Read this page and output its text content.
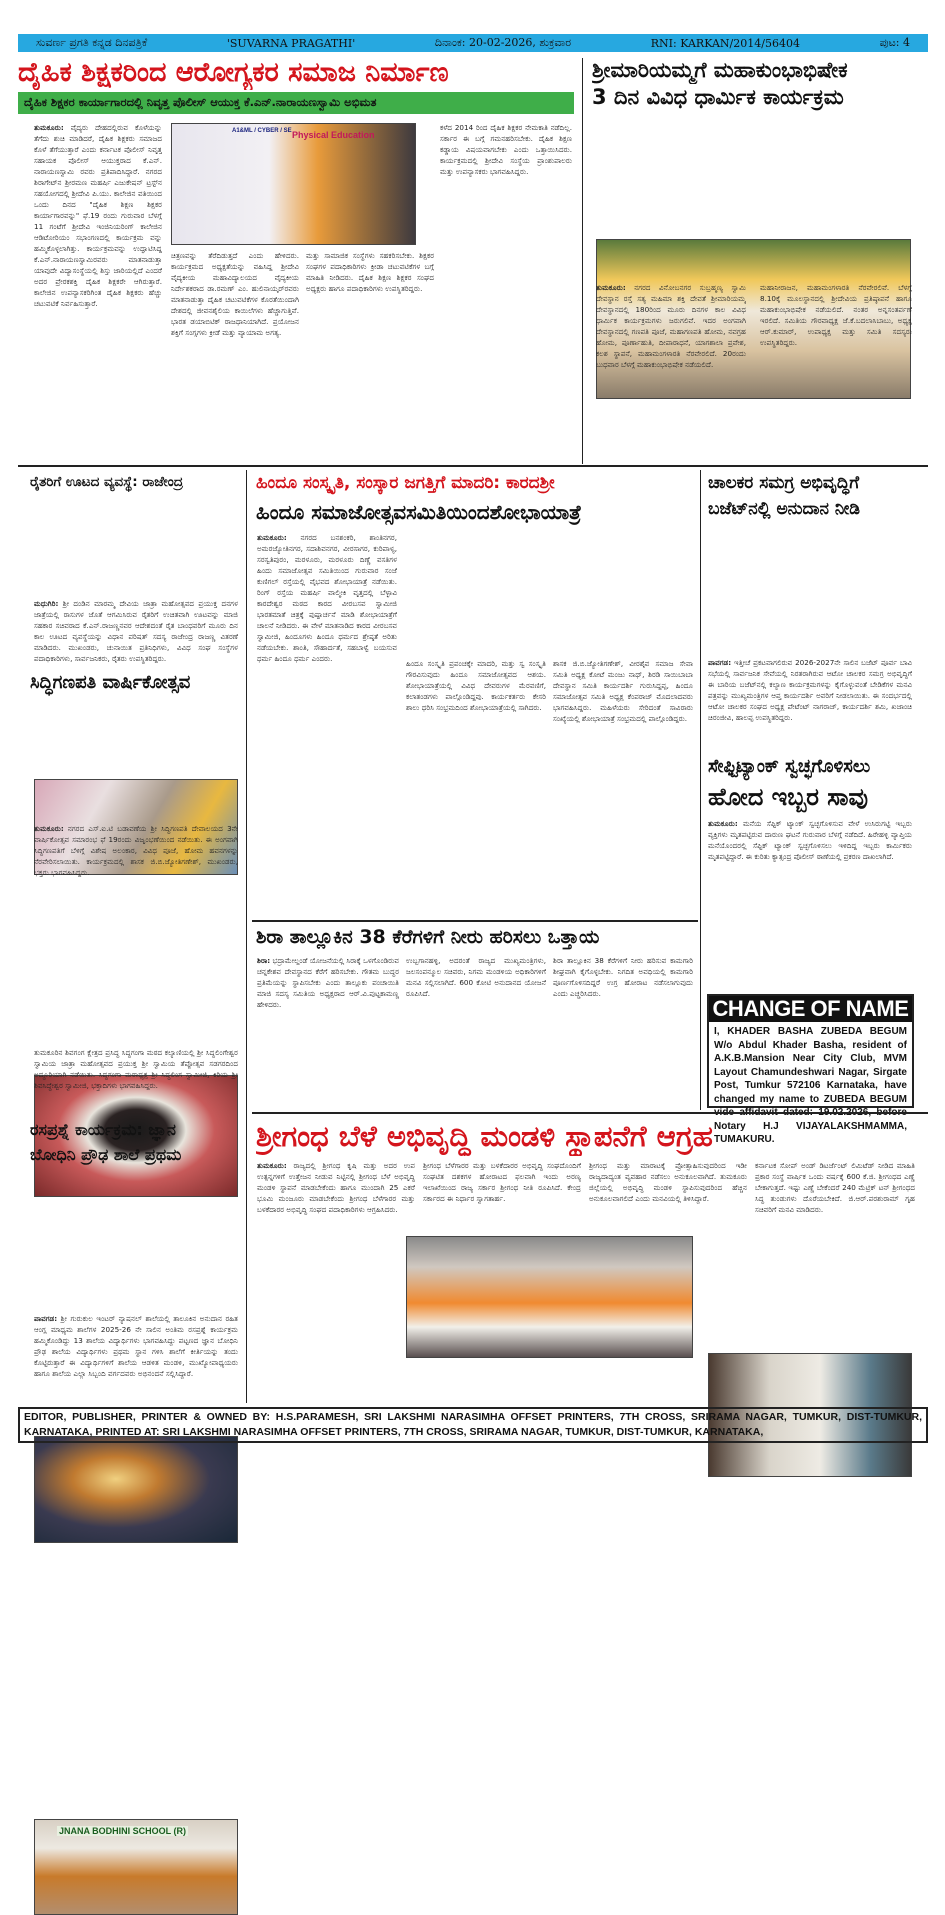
ಸುವರ್ಣ ಪ್ರಗತಿ ಕನ್ನಡ ದಿನಪತ್ರಿಕೆ	'SUVARNA PRAGATHI'	ದಿನಾಂಕ: 20-02-2026, ಶುಕ್ರವಾರ	RNI: KARKAN/2014/56404	ಪುಟ: 4
ದೈಹಿಕ ಶಿಕ್ಷಕರಿಂದ ಆರೋಗ್ಯಕರ ಸಮಾಜ ನಿರ್ಮಾಣ
ದೈಹಿಕ ಶಿಕ್ಷಕರ ಕಾರ್ಯಾಗಾರದಲ್ಲಿ ನಿವೃತ್ತ ಪೊಲೀಸ್ ಆಯುಕ್ತ ಕೆ.ಎನ್.ನಾರಾಯಣಸ್ವಾಮಿ ಅಭಿಮತ
ತುಮಕೂರು: ವೈದ್ಯರು ದೇಹದಲ್ಲಿರುವ ಕೊಳೆಯನ್ನು ತೆಗೆದು ಶುಚಿ ಮಾಡಿದರೆ, ದೈಹಿಕ ಶಿಕ್ಷಕರು ಸಮಾಜದ ಕೊಳೆ ತೆಗೆಯುತ್ತಾರೆ ಎಂದು ಕರ್ನಾಟಕ ಪೊಲೀಸ್ ನಿವೃತ್ತ ಸಹಾಯಕ ಪೊಲೀಸ್ ಆಯುಕ್ತರಾದ ಕೆ.ಎನ್. ನಾರಾಯಣಸ್ವಾಮಿ ರವರು ಪ್ರತಿಪಾದಿಸಿದ್ದಾರೆ. ನಗರದ ಶಿರಾಗೇಟ್‌ನ ಶ್ರೀರಮಣ ಮಹರ್ಷಿ ಎಜುಕೇಷನ್ ಟ್ರಸ್ಟ್‌ನ ಸಹಯೋಗದಲ್ಲಿ ಶ್ರೀದೇವಿ ಪಿ.ಯು. ಕಾಲೇಜಿನ ವತಿಯಿಂದ ಒಂದು ದಿನದ "ದೈಹಿಕ ಶಿಕ್ಷಣ ಶಿಕ್ಷಕರ ಕಾರ್ಯಾಗಾರವನ್ನು" ಫೆ.19 ರಂದು ಗುರುವಾರ ಬೆಳಗ್ಗೆ 11 ಗಂಟೆಗೆ ಶ್ರೀದೇವಿ ಇಂಜಿನಿಯರಿಂಗ್ ಕಾಲೇಜಿನ ಆಡಿಟೋರಿಯಂ ಸಭಾಂಗಣದಲ್ಲಿ ಕಾರ್ಯಕ್ರಮ ವನ್ನು ಹಮ್ಮಿಕೊಳ್ಳಲಾಗಿತ್ತು. ಕಾರ್ಯಕ್ರಮವನ್ನು ಉದ್ಘಾಟಿಸಿದ್ದ ಕೆ.ಎನ್.ನಾರಾಯಣಸ್ವಾಮಿರವರು ಮಾತನಾಡುತ್ತಾ ಯಾವುದೇ ವಿದ್ಯಾಸಂಸ್ಥೆಯಲ್ಲಿ ಶಿಸ್ತು ಜಾರಿಯಲ್ಲಿದೆ ಎಂದರೆ ಅದರ ಪ್ರೇರಕಶಕ್ತಿ ದೈಹಿಕ ಶಿಕ್ಷಕರೇ ಆಗಿರುತ್ತಾರೆ. ಕಾಲೇಜಿನ ಉಪನ್ಯಾಸಕರಿಗಿಂತ ದೈಹಿಕ ಶಿಕ್ಷಕರು ಹೆಚ್ಚು ಚಟುವಟಿಕೆ ನಿರ್ವಹಿಸುತ್ತಾರೆ.
Physical Education
A1&ML / CYBER / SE
ಚಿತ್ರಣವನ್ನು ತೆರೆದಿಡುತ್ತದೆ ಎಂದು ಹೇಳಿದರು. ಕಾರ್ಯಕ್ರಮದ ಅಧ್ಯಕ್ಷತೆಯನ್ನು ವಹಿಸಿದ್ದ ಶ್ರೀದೇವಿ ವೈದ್ಯಕೀಯ ಮಹಾವಿದ್ಯಾಲಯದ ವೈದ್ಯಕೀಯ ನಿರ್ದೇಶಕರಾದ ಡಾ.ರಮಣ್ ಎಂ. ಹುಲಿನಾಯ್ಕರ್‌ರವರು ಮಾತನಾಡುತ್ತಾ ದೈಹಿಕ ಚಟುವಟಿಕೆಗಳ ಕೊರತೆಯಿಂದಾಗಿ ದೇಶದಲ್ಲಿ ಜೀವನಶೈಲಿಯ ಕಾಯಿಲೆಗಳು ಹೆಚ್ಚಾಗುತ್ತಿವೆ. ಭಾರತ ಡಯಾಬಿಟಿಕ್ ರಾಜಧಾನಿಯಾಗಿದೆ. ಪ್ರಯೋಜನ ಶಕ್ತಿಗೆ ಸಂಗ್ಸಗಳು ಕ್ರೀಡೆ ಮತ್ತು ವ್ಯಾಯಾಮ ಅಗತ್ಯ.
ಮತ್ತು ಸಾಮಾಜಿಕ ಸಂಸ್ಥೆಗಳು ಸಹಕರಿಸಬೇಕು. ಶಿಕ್ಷಕರ ಸಂಘಗಳ ಪದಾಧಿಕಾರಿಗಳು ಕ್ರೀಡಾ ಚಟುವಟಿಕೆಗಳ ಬಗ್ಗೆ ಮಾಹಿತಿ ನೀಡಿದರು. ದೈಹಿಕ ಶಿಕ್ಷಣ ಶಿಕ್ಷಕರ ಸಂಘದ ಅಧ್ಯಕ್ಷರು ಹಾಗೂ ಪದಾಧಿಕಾರಿಗಳು ಉಪಸ್ಥಿತರಿದ್ದರು.
ಕಳೆದ 2014 ರಿಂದ ದೈಹಿಕ ಶಿಕ್ಷಕರ ನೇಮಕಾತಿ ನಡೆದಿಲ್ಲ. ಸರ್ಕಾರ ಈ ಬಗ್ಗೆ ಗಮನಹರಿಸಬೇಕು. ದೈಹಿಕ ಶಿಕ್ಷಣ ಕಡ್ಡಾಯ ವಿಷಯವಾಗಬೇಕು ಎಂದು ಒತ್ತಾಯಿಸಿದರು. ಕಾರ್ಯಕ್ರಮದಲ್ಲಿ ಶ್ರೀದೇವಿ ಸಂಸ್ಥೆಯ ಪ್ರಾಂಶುಪಾಲರು ಮತ್ತು ಉಪನ್ಯಾಸಕರು ಭಾಗವಹಿಸಿದ್ದರು.
ಶ್ರೀಮಾರಿಯಮ್ಮಗೆ ಮಹಾಕುಂಭಾಭಿಷೇಕ
3 ದಿನ ವಿವಿಧ ಧಾರ್ಮಿಕ ಕಾರ್ಯಕ್ರಮ
ತುಮಕೂರು: ನಗರದ ವಿನೋಬನಗರ ಸುಬ್ರಹ್ಮಣ್ಯ ಸ್ವಾಮಿ ದೇವಸ್ಥಾನ ರಸ್ತೆ ಸತ್ಯ ಮಹಿಮಾ ಶಕ್ತಿ ದೇವತೆ ಶ್ರೀಮಾರಿಯಮ್ಮ ದೇವಸ್ಥಾನದಲ್ಲಿ 180ರಿಂದ ಮೂರು ದಿನಗಳ ಕಾಲ ವಿವಿಧ ಧಾರ್ಮಿಕ ಕಾರ್ಯಕ್ರಮಗಳು ಜರುಗಲಿವೆ. ಇದರ ಅಂಗವಾಗಿ ದೇವಸ್ಥಾನದಲ್ಲಿ ಗಣಪತಿ ಪೂಜೆ, ಮಹಾಗಣಪತಿ ಹೋಮ, ನವಗ್ರಹ ಹೋಮ, ಪೂರ್ಣಾಹುತಿ, ದೀಪಾರಾಧನೆ, ಯಾಗಶಾಲಾ ಪ್ರವೇಶ, ಕಲಶ ಸ್ಥಾಪನೆ, ಮಹಾಮಂಗಳಾರತಿ ನೆರವೇರಲಿದೆ. 20ರಂದು ಬುಧವಾರ ಬೆಳಗ್ಗೆ ಮಹಾಕುಂಭಾಭಿಷೇಕ ನಡೆಯಲಿದೆ.
ಮಹಾನೀರಾಜನ, ಮಹಾಮಂಗಳಾರತಿ ನೆರವೇರಲಿವೆ. ಬೆಳಗ್ಗೆ 8.10ಕ್ಕೆ ಮೂಲಸ್ಥಾನದಲ್ಲಿ ಶ್ರೀದೇವಿಯ ಪ್ರತಿಷ್ಠಾಪನೆ ಹಾಗೂ ಮಹಾಕುಂಭಾಭಿಷೇಕ ನಡೆಯಲಿದೆ. ನಂತರ ಅನ್ನಸಂತರ್ಪಣೆ ಇರಲಿದೆ. ಸಮಿತಿಯ ಗೌರವಾಧ್ಯಕ್ಷ ಜೆ.ಕೆ.ಬದಲಾಸಿಬಾಬು, ಅಧ್ಯಕ್ಷ ಆರ್.ಕುಮಾರ್, ಉಪಾಧ್ಯಕ್ಷ ಮತ್ತು ಸಮಿತಿ ಸದಸ್ಯರು ಉಪಸ್ಥಿತರಿದ್ದರು.
ರೈತರಿಗೆ ಊಟದ ವ್ಯವಸ್ಥೆ: ರಾಜೇಂದ್ರ
ಮಧುಗಿರಿ: ಶ್ರೀ ದಂಡಿನ ಮಾರಮ್ಮ ದೇವಿಯ ಜಾತ್ರಾ ಮಹೋತ್ಸವದ ಪ್ರಯುಕ್ತ ದನಗಳ ಜಾತ್ರೆಯಲ್ಲಿ ರಾಸುಗಳ ಜೊತೆ ಆಗಮಿಸಿರುವ ರೈತರಿಗೆ ಉಚಿತವಾಗಿ ಊಟವನ್ನು ಮಾಜಿ ಸಹಕಾರ ಸಚಿವರಾದ ಕೆ.ಎನ್.ರಾಜಣ್ಣನವರ ಆದೇಶದಂತೆ ರೈತ ಬಾಂಧವರಿಗೆ ಮೂರು ದಿನ ಕಾಲ ಊಟದ ವ್ಯವಸ್ಥೆಯನ್ನು ವಿಧಾನ ಪರಿಷತ್ ಸದಸ್ಯ ರಾಜೇಂದ್ರ ರಾಜಣ್ಣ ವಿತರಣೆ ಮಾಡಿದರು. ಮುಖಂಡರು, ಚುನಾಯಿತ ಪ್ರತಿನಿಧಿಗಳು, ವಿವಿಧ ಸಂಘ ಸಂಸ್ಥೆಗಳ ಪದಾಧಿಕಾರಿಗಳು, ಸಾರ್ವಜನಿಕರು, ರೈತರು ಉಪಸ್ಥಿತರಿದ್ದರು.
ಸಿದ್ಧಿಗಣಪತಿ ವಾರ್ಷಿಕೋತ್ಸವ
ತುಮಕೂರು: ನಗರದ ಎಸ್.ಐ.ಟಿ ಬಡಾವಣೆಯ ಶ್ರೀ ಸಿದ್ಧಿಗಣಪತಿ ದೇವಾಲಯದ 3ನೇ ವಾರ್ಷಿಕೋತ್ಸವ ಸಮಾರಂಭ ಫೆ 19ರಂದು ವಿಜೃಂಭಣೆಯಿಂದ ನಡೆಯಿತು. ಈ ಅಂಗವಾಗಿ ಸಿದ್ಧಿಗಣಪತಿಗೆ ಬೆಳಿಗ್ಗೆ ವಿಶೇಷ ಅಲಂಕಾರ, ವಿವಿಧ ಪೂಜೆ, ಹೋಮ ಹವನಗಳನ್ನು ನೆರವೇರಿಸಲಾಯಿತು. ಕಾರ್ಯಕ್ರಮದಲ್ಲಿ ಶಾಸಕ ಜಿ.ಬಿ.ಜ್ಯೋತಿಗಣೇಶ್, ಮುಖಂಡರು, ಭಕ್ತರು ಭಾಗವಹಿಸಿದ್ದರು.
ತುಮಕೂರಿನ ಶಿವಗಂಗ ಕ್ಷೇತ್ರದ ಪ್ರಸಿದ್ಧ ಸಿದ್ಧಗಂಗಾ ಮಠದ ಕಲ್ಯಾಣಿಯಲ್ಲಿ ಶ್ರೀ ಸಿದ್ಧಲಿಂಗೇಶ್ವರ ಸ್ವಾಮಿಯ ಜಾತ್ರಾ ಮಹೋತ್ಸವದ ಪ್ರಯುಕ್ತ ಶ್ರೀ ಸ್ವಾಮಿಯ ತೆಪ್ಪೋತ್ಸವ ಸಡಗರದಿಂದ ಅದ್ಧೂರಿಯಾಗಿ ನಡೆಯಿತು. ಸಿದ್ಧಗಂಗಾ ಮಠಾಧ್ಯಕ್ಷ ಶ್ರೀ ಸಿದ್ಧಲಿಂಗ ಸ್ವಾಮೀಜಿ, ಕಿರಿಯ ಶ್ರೀ ಶಿವಸಿದ್ಧೇಶ್ವರ ಸ್ವಾಮೀಜಿ, ಭಕ್ತಾದಿಗಳು ಭಾಗವಹಿಸಿದ್ದರು.
ರಸಪ್ರಶ್ನೆ ಕಾರ್ಯಕ್ರಮ: ಜ್ಞಾನ
ಬೋಧಿನಿ ಪ್ರೌಢ ಶಾಲೆ ಪ್ರಥಮ
JNANA BODHINI SCHOOL (R)
ಪಾವಗಡ: ಶ್ರೀ ಗುರುಕುಲ ಇಂಟರ್ ನ್ಯಾಷನಲ್ ಶಾಲೆಯಲ್ಲಿ ತಾಲೂಕಿನ ಅನುದಾನ ರಹಿತ ಆಂಗ್ಲ ಮಾಧ್ಯಮ ಶಾಲೆಗಳ 2025-26 ನೇ ಸಾಲಿನ ಅಂತಿಮ ರಸಪ್ರಶ್ನೆ ಕಾರ್ಯಕ್ರಮ ಹಮ್ಮಿಕೊಂಡಿದ್ದು 13 ಶಾಲೆಯ ವಿದ್ಯಾರ್ಥಿಗಳು ಭಾಗವಹಿಸಿದ್ದು ಪಟ್ಟಣದ ಜ್ಞಾನ ಬೋಧಿನಿ ಪ್ರೌಢ ಶಾಲೆಯ ವಿದ್ಯಾರ್ಥಿಗಳು ಪ್ರಥಮ ಸ್ಥಾನ ಗಳಿಸಿ ಶಾಲೆಗೆ ಕೀರ್ತಿಯನ್ನು ತಂದು ಕೊಟ್ಟಿರುತ್ತಾರೆ ಈ ವಿದ್ಯಾರ್ಥಿಗಳಿಗೆ ಶಾಲೆಯ ಆಡಳಿತ ಮಂಡಳಿ, ಮುಖ್ಯೋಪಾಧ್ಯಯರು ಹಾಗೂ ಶಾಲೆಯ ಎಲ್ಲಾ ಸಿಬ್ಬಂದಿ ವರ್ಗದವರು ಅಭಿನಂದನೆ ಸಲ್ಲಿಸಿದ್ದಾರೆ.
ಹಿಂದೂ ಸಂಸ್ಕೃತಿ, ಸಂಸ್ಕಾರ ಜಗತ್ತಿಗೆ ಮಾದರಿ: ಕಾರದಶ್ರೀ
ಹಿಂದೂ ಸಮಾಜೋತ್ಸವಸಮಿತಿಯಿಂದಶೋಭಾಯಾತ್ರೆ
ತುಮಕೂರು: ನಗರದ ಬನಶಂಕರಿ, ಶಾಂತಿನಗರ, ಅಮರಜ್ಯೋತಿನಗರ, ಸದಾಶಿವನಗರ, ವೀರಸಾಗರ, ಕುರಿಪಾಳ್ಯ, ಸರಸ್ವತಿಪುರಂ, ಮರಳೂರು, ಮರಳೂರು ದಿಣ್ಣೆ ವಸತಿಗಳ ಹಿಂದು ಸಮಾಜೋತ್ಸವ ಸಮಿತಿಯಿಂದ ಗುರುವಾರ ಸಂಜೆ ಕುಣಿಗಲ್ ರಸ್ತೆಯಲ್ಲಿ ವೈಭವದ ಶೋಭಾಯಾತ್ರೆ ನಡೆಯಿತು. ರಿಂಗ್ ರಸ್ತೆಯ ಮಹರ್ಷಿ ವಾಲ್ಮೀಕಿ ವೃತ್ತದಲ್ಲಿ ಬೆಳ್ಳಾವಿ ಕಾರದೇಶ್ವರ ಮಠದ ಕಾರದ ವೀರಬಸವ ಸ್ವಾಮೀಜಿ ಭಾರತಮಾತೆ ಚಿತ್ರಕ್ಕೆ ಪುಷ್ಪಾರ್ಚನೆ ಮಾಡಿ ಶೋಭಾಯಾತ್ರೆಗೆ ಚಾಲನೆ ನೀಡಿದರು. ಈ ವೇಳೆ ಮಾತನಾಡಿದ ಕಾರದ ವೀರಬಸವ ಸ್ವಾಮೀಜಿ, ಹಿಂದೂಗಳು ಹಿಂದೂ ಧರ್ಮದ ಶ್ರೇಷ್ಠತೆ ಅರಿತು ನಡೆಯಬೇಕು. ಶಾಂತಿ, ಸೌಹಾರ್ದತೆ, ಸಹಬಾಳ್ವೆ ಬಯಸುವ ಧರ್ಮ ಹಿಂದೂ ಧರ್ಮ ಎಂದರು.
ಹಿಂದೂ ಸಂಸ್ಕೃತಿ ಪ್ರಪಂಚಕ್ಕೇ ಮಾದರಿ, ಮತ್ತು ಸ್ವ ಸಂಸ್ಕೃತಿ ಗೌರವಿಸುವುದು ಹಿಂದೂ ಸಮಾಜೋತ್ಸವದ ಆಶಯ. ಶೋಭಾಯಾತ್ರೆಯಲ್ಲಿ ವಿವಿಧ ದೇವರುಗಳ ಮೆರವಣಿಗೆ, ಕಲಾತಂಡಗಳು ಪಾಲ್ಗೊಂಡಿದ್ದವು. ಕಾರ್ಯಕರ್ತರು ಕೇಸರಿ ಶಾಲು ಧರಿಸಿ ಸಂಭ್ರಮದಿಂದ ಶೋಭಾಯಾತ್ರೆಯಲ್ಲಿ ಸಾಗಿದರು.
ಶಾಸಕ ಜಿ.ಬಿ.ಜ್ಯೋತಿಗಣೇಶ್, ವೀರಶೈವ ಸಮಾಜ ಸೇವಾ ಸಮಿತಿ ಅಧ್ಯಕ್ಷ ಕೋಟೆ ಮಂಜು ನಾಥ್, ಶಿರಡಿ ಸಾಯಿಬಾಬಾ ದೇವಸ್ಥಾನ ಸಮಿತಿ ಕಾರ್ಯದರ್ಶಿ ಗುರುಸಿದ್ದಪ್ಪ, ಹಿಂದೂ ಸಮಾಜೋತ್ಸವ ಸಮಿತಿ ಅಧ್ಯಕ್ಷ ಕೆಂಪರಾಜ್ ಮೊದಲಾದವರು ಭಾಗವಹಿಸಿದ್ದರು. ಮಹಿಳೆಯರು ಸೇರಿದಂತೆ ಸಾವಿರಾರು ಸಂಖ್ಯೆಯಲ್ಲಿ ಶೋಭಾಯಾತ್ರೆ ಸಂಭ್ರಮದಲ್ಲಿ ಪಾಲ್ಗೊಂಡಿದ್ದರು.
ಶಿರಾ ತಾಲ್ಲೂಕಿನ 38 ಕೆರೆಗಳಿಗೆ ನೀರು ಹರಿಸಲು ಒತ್ತಾಯ
ಶಿರಾ: ಭದ್ರಾಮೇಲ್ದಂಡೆ ಯೋಜನೆಯಲ್ಲಿ ಸಿರಾಕ್ಕೆ ಒಳಗೊಂಡಿರುವ ಚನ್ನಕೇಶವ ದೇವಸ್ಥಾನದ ಕೆರೆಗೆ ಹರಿಸಬೇಕು. ಗೌತಮ ಬುದ್ಧರ ಪ್ರತಿಮೆಯನ್ನು ಸ್ಥಾಪಿಸಬೇಕು ಎಂದು ತಾಲ್ಲೂಕು ಪಂಚಾಯಿತಿ ಮಾಜಿ ಸದಸ್ಯ ಸಮಿತಿಯ ಅಧ್ಯಕ್ಷರಾದ ಆರ್.ವಿ.ಪುಟ್ಟಕಾಮಣ್ಣ ಹೇಳಿದರು.
ಉಬ್ಬಗಾನಹಳ್ಳಿ, ಅದರಂತೆ ರಾಜ್ಯದ ಮುಖ್ಯಮಂತ್ರಿಗಳು, ಜಲಸಂಪನ್ಮೂಲ ಸಚಿವರು, ನಿಗಮ ಮಂಡಳಿಯ ಅಧಿಕಾರಿಗಳಿಗೆ ಮನವಿ ಸಲ್ಲಿಸಲಾಗಿದೆ. 600 ಕೋಟಿ ಅನುದಾನದ ಯೋಜನೆ ರೂಪಿಸಿದೆ.
ಶಿರಾ ತಾಲ್ಲೂಕಿನ 38 ಕೆರೆಗಳಿಗೆ ನೀರು ಹರಿಸುವ ಕಾಮಗಾರಿ ಶೀಘ್ರವಾಗಿ ಕೈಗೊಳ್ಳಬೇಕು. ನಿಗದಿತ ಅವಧಿಯಲ್ಲಿ ಕಾಮಗಾರಿ ಪೂರ್ಣಗೊಳಿಸದಿದ್ದರೆ ಉಗ್ರ ಹೋರಾಟ ನಡೆಸಲಾಗುವುದು ಎಂದು ಎಚ್ಚರಿಸಿದರು.
ಚಾಲಕರ ಸಮಗ್ರ ಅಭಿವೃದ್ಧಿಗೆ
ಬಜೆಟ್‌ನಲ್ಲಿ ಅನುದಾನ ನೀಡಿ
ಪಾವಗಡ: ಇತ್ತೀಚೆ ಪ್ರಕಟವಾಗಲಿರುವ 2026-2027ನೇ ಸಾಲಿನ ಬಜೆಟ್ ಪೂರ್ವ ಬಾವಿ ಸಭೆಯಲ್ಲಿ ಸಾರ್ವಜನಿಕ ಸೇವೆಯಲ್ಲಿ ನಿರತರಾಗಿರುವ ಆಟೋ ಚಾಲಕರ ಸಮಗ್ರ ಅಭಿವೃದ್ಧಿಗೆ ಈ ಬಾರಿಯ ಬಜೆಟ್‌ನಲ್ಲಿ ಕಲ್ಯಾಣ ಕಾರ್ಯಕ್ರಮಗಳನ್ನು ಕೈಗೊಳ್ಳುವಂತೆ ಬೇಡಿಕೆಗಳ ಮನವಿ ಪತ್ರವನ್ನು ಮುಖ್ಯಮಂತ್ರಿಗಳ ಆಪ್ತ ಕಾರ್ಯದರ್ಶಿ ಅವರಿಗೆ ನೀಡಲಾಯಿತು. ಈ ಸಂದರ್ಭದಲ್ಲಿ ಆಟೋ ಚಾಲಕರ ಸಂಘದ ಅಧ್ಯಕ್ಷ ಪೇಟೆಂಟ್ ನಾಗರಾಜ್, ಕಾರ್ಯದರ್ಶಿ ಶಮಿ, ಖಜಾಂಚಿ ಚಿರಂಜೀವಿ, ಹಾಲಪ್ಪ ಉಪಸ್ಥಿತರಿದ್ದರು.
ಸೇಫ್ಟಿಟ್ಯಾಂಕ್ ಸ್ವಚ್ಛಗೊಳಿಸಲು
ಹೋದ ಇಬ್ಬರ ಸಾವು
ತುಮಕೂರು: ಮನೆಯ ಸೆಪ್ಟಿಕ್ ಟ್ಯಾಂಕ್ ಸ್ವಚ್ಛಗೊಳಿಸುವ ವೇಳೆ ಉಸಿರುಗಟ್ಟಿ ಇಬ್ಬರು ವ್ಯಕ್ತಿಗಳು ಮೃತಪಟ್ಟಿರುವ ದಾರುಣ ಘಟನೆ ಗುರುವಾರ ಬೆಳಗ್ಗೆ ನಡೆದಿದೆ. ಹಿರೇಹಳ್ಳಿ ವ್ಯಾಪ್ತಿಯ ಮನೆಯೊಂದರಲ್ಲಿ ಸೆಪ್ಟಿಕ್ ಟ್ಯಾಂಕ್ ಸ್ವಚ್ಛಗೊಳಿಸಲು ಇಳಿದಿದ್ದ ಇಬ್ಬರು ಕಾರ್ಮಿಕರು ಮೃತಪಟ್ಟಿದ್ದಾರೆ. ಈ ಕುರಿತು ಕ್ಯಾತ್ಸಂದ್ರ ಪೊಲೀಸ್ ಠಾಣೆಯಲ್ಲಿ ಪ್ರಕರಣ ದಾಖಲಾಗಿದೆ.
CHANGE OF NAME
I, KHADER BASHA ZUBEDA BEGUM W/o Abdul Khader Basha, resident of A.K.B.Mansion Near City Club, MVM Layout Chamundeshwari Nagar, Sirgate Post, Tumkur 572106 Karnataka, have changed my name to ZUBEDA BEGUM Notary H.J VIJAYALAKSHMAMMA, TUMAKURU.
ಶ್ರೀಗಂಧ ಬೆಳೆ ಅಭಿವೃದ್ಧಿ ಮಂಡಳಿ ಸ್ಥಾಪನೆಗೆ ಆಗ್ರಹ
ತುಮಕೂರು: ರಾಜ್ಯದಲ್ಲಿ ಶ್ರೀಗಂಧ ಕೃಷಿ ಮತ್ತು ಅದರ ಉಪ ಉತ್ಪನ್ನಗಳಿಗೆ ಉತ್ತೇಜನ ನೀಡುವ ನಿಟ್ಟಿನಲ್ಲಿ ಶ್ರೀಗಂಧ ಬೆಳೆ ಅಭಿವೃದ್ಧಿ ಮಂಡಳಿ ಸ್ಥಾಪನೆ ಮಾಡಬೇಕೆಂದು ಹಾಗೂ ಮುಂದಾಗಿ 25 ಎಕರೆ ಭೂಮಿ ಮಂಜೂರು ಮಾಡಬೇಕೆಂದು ಶ್ರೀಗಂಧ ಬೆಳೆಗಾರರ ಮತ್ತು ಬಳಕೆದಾರರ ಅಭಿವೃದ್ಧಿ ಸಂಘದ ಪದಾಧಿಕಾರಿಗಳು ಆಗ್ರಹಿಸಿದರು.
ಶ್ರೀಗಂಧ ಬೆಳೆಗಾರರ ಮತ್ತು ಬಳಕೆದಾರರ ಅಭಿವೃದ್ಧಿ ಸಂಘದೊಂದಿಗೆ ಸಂಘಟಿತ ದಶಕಗಳ ಹೋರಾಟದ ಫಲವಾಗಿ ಇಂದು ಅರಣ್ಯ ಇಲಾಖೆಯಿಂದ ರಾಜ್ಯ ಸರ್ಕಾರ ಶ್ರೀಗಂಧ ನೀತಿ ರೂಪಿಸಿದೆ. ಕೇಂದ್ರ ಸರ್ಕಾರದ ಈ ನಿರ್ಧಾರ ಸ್ವಾಗತಾರ್ಹ.
ಶ್ರೀಗಂಧ ಮತ್ತು ಮಾರಾಟಕ್ಕೆ ಪ್ರೋತ್ಸಾಹಿಸುವುದರಿಂದ ಇಡೀ ರಾಜ್ಯದಾದ್ಯಂತ ವ್ಯವಹಾರ ನಡೆಸಲು ಅನುಕೂಲವಾಗಿದೆ. ತುಮಕೂರು ಜಿಲ್ಲೆಯಲ್ಲಿ ಅಭಿವೃದ್ಧಿ ಮಂಡಳಿ ಸ್ಥಾಪಿಸುವುದರಿಂದ ಹೆಚ್ಚಿನ ಅನುಕೂಲವಾಗಲಿದೆ ಎಂದು ಮನವಿಯಲ್ಲಿ ತಿಳಿಸಿದ್ದಾರೆ.
ಕರ್ನಾಟಕ ಸೋಪ್ ಅಂಡ್ ಡಿಟರ್ಜೆಂಟ್ ಲಿಮಿಟೆಡ್ ನೀಡಿದ ಮಾಹಿತಿ ಪ್ರಕಾರ ಸಂಸ್ಥೆ ವಾರ್ಷಿಕ ಒಂದು ವರ್ಷಕ್ಕೆ 600 ಕೆ.ಜಿ. ಶ್ರೀಗಂಧದ ಎಣ್ಣೆ ಬೇಕಾಗುತ್ತದೆ. ಇಷ್ಟು ಎಣ್ಣೆ ಬೇಕೆಂದರೆ 240 ಮೆಟ್ರಿಕ್ ಟನ್ ಶ್ರೀಗಂಧದ ಸಿದ್ಧ ತುಂಡುಗಳು ದೊರೆಯಬೇಕಿದೆ. ಜಿ.ಆರ್.ಪರಶುರಾಮ್ ಗೃಹ ಸಚಿವರಿಗೆ ಮನವಿ ಮಾಡಿದರು.
EDITOR, PUBLISHER, PRINTER & OWNED BY: H.S.PARAMESH, SRI LAKSHMI NARASIMHA OFFSET PRINTERS, 7TH CROSS, SRIRAMA NAGAR, TUMKUR, DIST-TUMKUR, KARNATAKA, PRINTED AT: SRI LAKSHMI NARASIMHA OFFSET PRINTERS, 7TH CROSS, SRIRAMA NAGAR, TUMKUR, DIST-TUMKUR, KARNATAKA,
